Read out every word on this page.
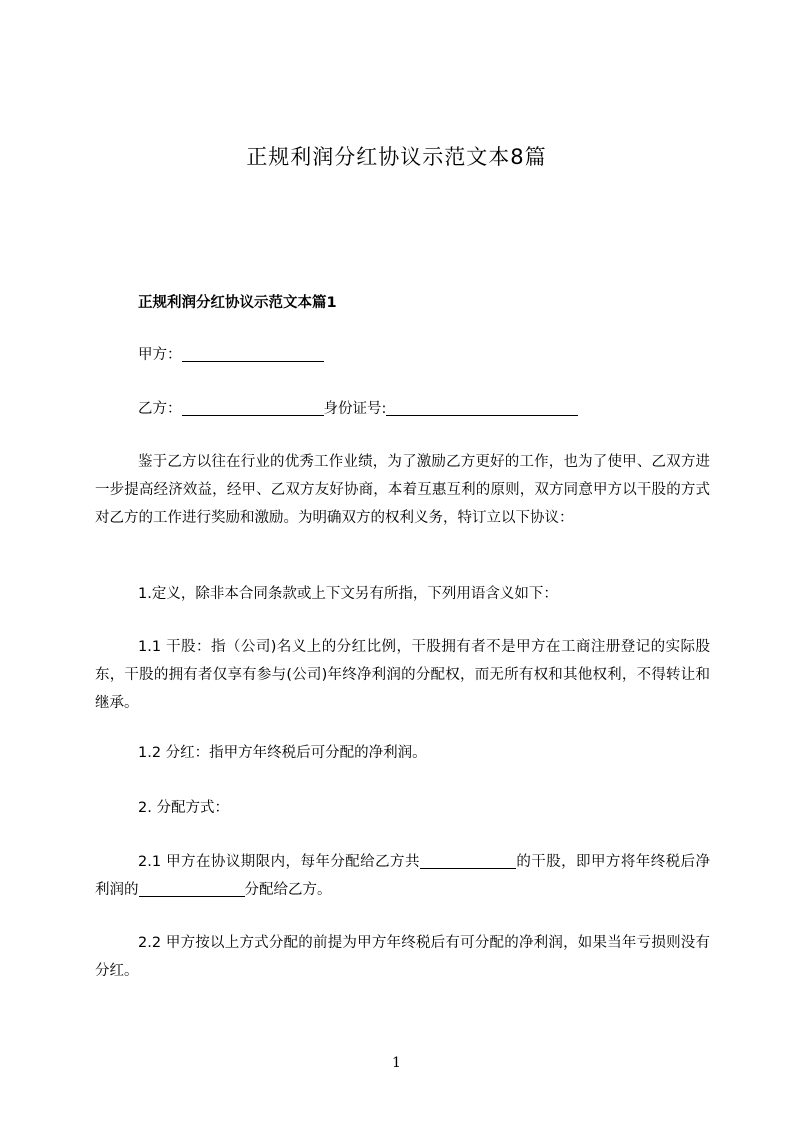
正规利润分红协议示范文本8篇
正规利润分红协议示范文本篇1
甲方：
乙方：	身份证号:
鉴于乙方以往在行业的优秀工作业绩，为了激励乙方更好的工作，也为了使甲、乙双方进一步提高经济效益，经甲、乙双方友好协商，本着互惠互利的原则，双方同意甲方以干股的方式对乙方的工作进行奖励和激励。为明确双方的权利义务，特订立以下协议：
1.定义，除非本合同条款或上下文另有所指，下列用语含义如下：
1.1 干股：指（公司)名义上的分红比例，干股拥有者不是甲方在工商注册登记的实际股东，干股的拥有者仅享有参与(公司)年终净利润的分配权，而无所有权和其他权利，不得转让和继承。
1.2 分红：指甲方年终税后可分配的净利润。
2. 分配方式：
2.1 甲方在协议期限内，每年分配给乙方共	的干股，即甲方将年终税后净利润的	分配给乙方。
2.2 甲方按以上方式分配的前提为甲方年终税后有可分配的净利润，如果当年亏损则没有分红。
1
